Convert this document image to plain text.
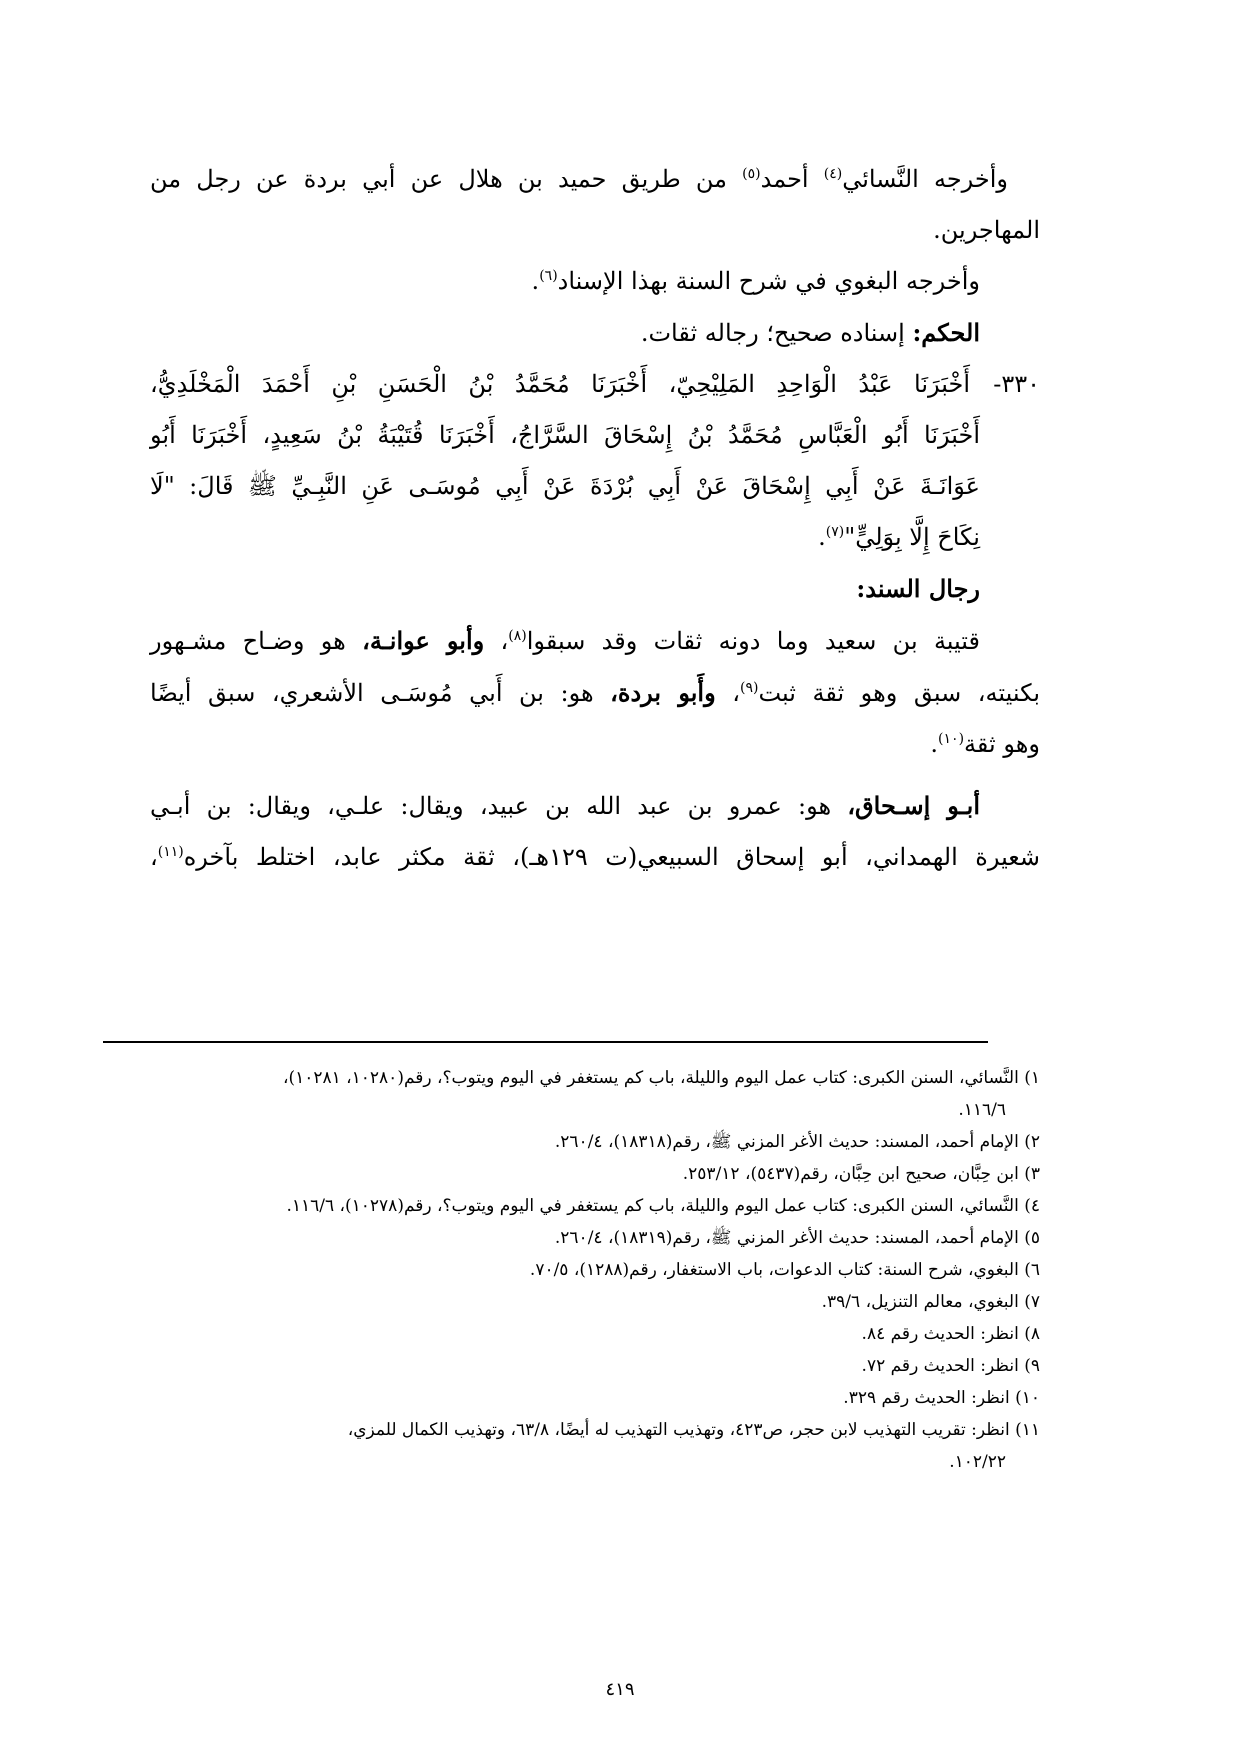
وأخرجه النَّسائي$^{(٤)}$ أحمد$^{(٥)}$ من طريق حميد بن هلال عن أبي بردة عن رجل من
المهاجرين.
وأخرجه البغوي في شرح السنة بهذا الإسناد$^{(٦)}$.
الحكم: إسناده صحيح؛ رجاله ثقات.
٣٣٠-
أَخْبَرَنَا عَبْدُ الْوَاحِدِ المَلِيْحِيّ، أَخْبَرَنَا مُحَمَّدُ بْنُ الْحَسَنِ بْنِ أَحْمَدَ الْمَخْلَدِيُّ،
أَخْبَرَنَا أَبُو الْعَبَّاسِ مُحَمَّدُ بْنُ إِسْحَاقَ السَّرَّاجُ، أَخْبَرَنَا قُتَيْبَةُ بْنُ سَعِيدٍ، أَخْبَرَنَا أَبُو
عَوَانَـةَ عَنْ أَبِي إِسْحَاقَ عَنْ أَبِي بُرْدَةَ عَنْ أَبِي مُوسَـى عَنِ النَّبِـيِّ ﷺ قَالَ: "لَا
نِكَاحَ إِلَّا بِوَلِيٍّ"$^{(٧)}$.
رجال السند:
قتيبة بن سعيد وما دونه ثقات وقد سبقوا$^{(٨)}$، وأبو عوانـة، هو وضـاح مشـهور
بكنيته، سبق وهو ثقة ثبت$^{(٩)}$، وأَبو بردة، هو: بن أَبي مُوسَـى الأشعري، سبق أيضًا
وهو ثقة$^{(١٠)}$.
أبـو إسـحاق، هو: عمرو بن عبد الله بن عبيد، ويقال: علـي، ويقال: بن أبـي
شعيرة الهمداني، أبو إسحاق السبيعي(ت ١٢٩هـ)، ثقة مكثر عابد، اختلط بآخره$^{(١١)}$،
١) النَّسائي، السنن الكبرى: كتاب عمل اليوم والليلة، باب كم يستغفر في اليوم ويتوب؟، رقم(١٠٢٨٠، ١٠٢٨١)،
١١٦/٦.
٢) الإمام أحمد، المسند: حديث الأغر المزني ﷺ، رقم(١٨٣١٨)، ٢٦٠/٤.
٣) ابن حِبَّان، صحيح ابن حِبَّان، رقم(٥٤٣٧)، ٢٥٣/١٢.
٤) النَّسائي، السنن الكبرى: كتاب عمل اليوم والليلة، باب كم يستغفر في اليوم ويتوب؟، رقم(١٠٢٧٨)، ١١٦/٦.
٥) الإمام أحمد، المسند: حديث الأغر المزني ﷺ، رقم(١٨٣١٩)، ٢٦٠/٤.
٦) البغوي، شرح السنة: كتاب الدعوات، باب الاستغفار، رقم(١٢٨٨)، ٧٠/٥.
٧) البغوي، معالم التنزيل، ٣٩/٦.
٨) انظر: الحديث رقم ٨٤.
٩) انظر: الحديث رقم ٧٢.
١٠) انظر: الحديث رقم ٣٢٩.
١١) انظر: تقريب التهذيب لابن حجر، ص٤٢٣، وتهذيب التهذيب له أيضًا، ٦٣/٨، وتهذيب الكمال للمزي،
١٠٢/٢٢.
٤١٩
